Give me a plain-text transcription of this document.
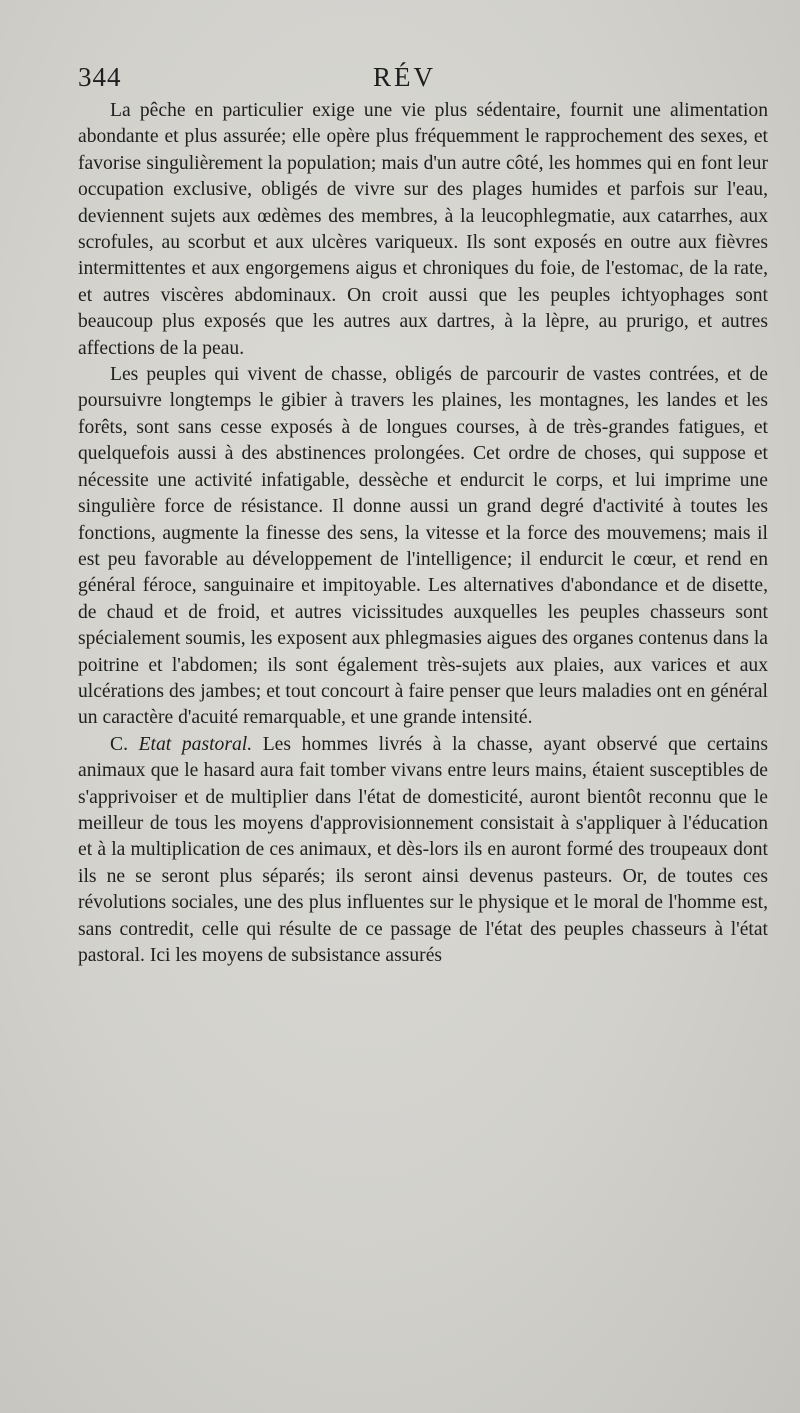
344	RÉV

La pêche en particulier exige une vie plus sédentaire, fournit une alimentation abondante et plus assurée; elle opère plus fréquemment le rapprochement des sexes, et favorise singulièrement la population; mais d'un autre côté, les hommes qui en font leur occupation exclusive, obligés de vivre sur des plages humides et parfois sur l'eau, deviennent sujets aux œdèmes des membres, à la leucophlegmatie, aux catarrhes, aux scrofules, au scorbut et aux ulcères variqueux. Ils sont exposés en outre aux fièvres intermittentes et aux engorgemens aigus et chroniques du foie, de l'estomac, de la rate, et autres viscères abdominaux. On croit aussi que les peuples ichtyophages sont beaucoup plus exposés que les autres aux dartres, à la lèpre, au prurigo, et autres affections de la peau.

Les peuples qui vivent de chasse, obligés de parcourir de vastes contrées, et de poursuivre longtemps le gibier à travers les plaines, les montagnes, les landes et les forêts, sont sans cesse exposés à de longues courses, à de très-grandes fatigues, et quelquefois aussi à des abstinences prolongées. Cet ordre de choses, qui suppose et nécessite une activité infatigable, dessèche et endurcit le corps, et lui imprime une singulière force de résistance. Il donne aussi un grand degré d'activité à toutes les fonctions, augmente la finesse des sens, la vitesse et la force des mouvemens; mais il est peu favorable au développement de l'intelligence; il endurcit le cœur, et rend en général féroce, sanguinaire et impitoyable. Les alternatives d'abondance et de disette, de chaud et de froid, et autres vicissitudes auxquelles les peuples chasseurs sont spécialement soumis, les exposent aux phlegmasies aigues des organes contenus dans la poitrine et l'abdomen; ils sont également très-sujets aux plaies, aux varices et aux ulcérations des jambes; et tout concourt à faire penser que leurs maladies ont en général un caractère d'acuité remarquable, et une grande intensité.

C. Etat pastoral. Les hommes livrés à la chasse, ayant observé que certains animaux que le hasard aura fait tomber vivans entre leurs mains, étaient susceptibles de s'apprivoiser et de multiplier dans l'état de domesticité, auront bientôt reconnu que le meilleur de tous les moyens d'approvisionnement consistait à s'appliquer à l'éducation et à la multiplication de ces animaux, et dès-lors ils en auront formé des troupeaux dont ils ne se seront plus séparés; ils seront ainsi devenus pasteurs. Or, de toutes ces révolutions sociales, une des plus influentes sur le physique et le moral de l'homme est, sans contredit, celle qui résulte de ce passage de l'état des peuples chasseurs à l'état pastoral. Ici les moyens de subsistance assurés
